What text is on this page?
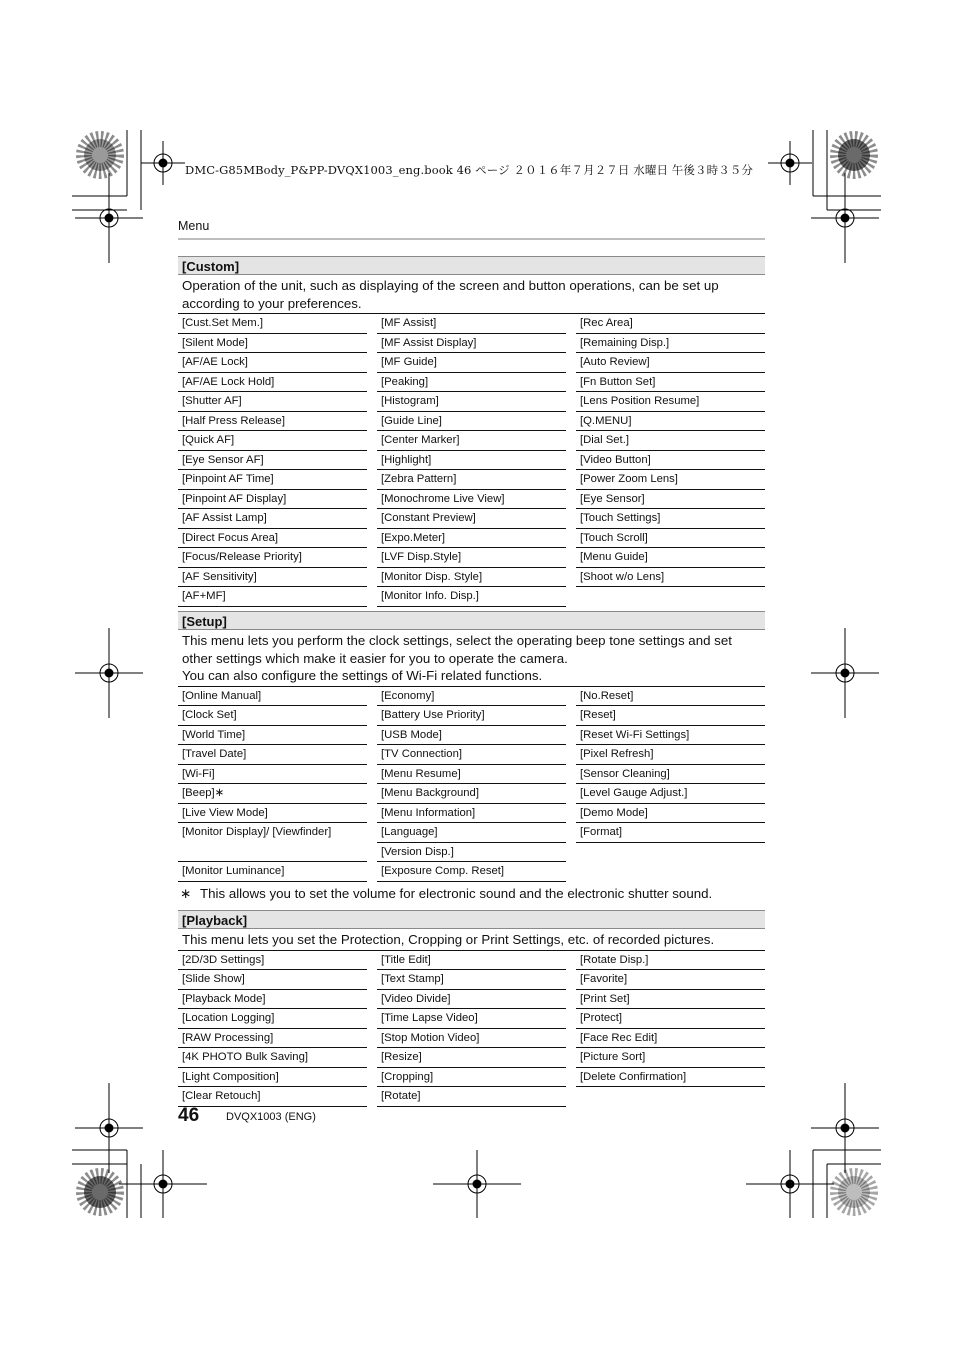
DMC-G85MBody_P&PP-DVQX1003_eng.book 46 ページ ２０１６年７月２７日 水曜日 午後３時３５分
Menu
[Custom]
Operation of the unit, such as displaying of the screen and button operations, can be set up according to your preferences.
[Cust.Set Mem.]
[Silent Mode]
[AF/AE Lock]
[AF/AE Lock Hold]
[Shutter AF]
[Half Press Release]
[Quick AF]
[Eye Sensor AF]
[Pinpoint AF Time]
[Pinpoint AF Display]
[AF Assist Lamp]
[Direct Focus Area]
[Focus/Release Priority]
[AF Sensitivity]
[AF+MF]
[MF Assist]
[MF Assist Display]
[MF Guide]
[Peaking]
[Histogram]
[Guide Line]
[Center Marker]
[Highlight]
[Zebra Pattern]
[Monochrome Live View]
[Constant Preview]
[Expo.Meter]
[LVF Disp.Style]
[Monitor Disp. Style]
[Monitor Info. Disp.]
[Rec Area]
[Remaining Disp.]
[Auto Review]
[Fn Button Set]
[Lens Position Resume]
[Q.MENU]
[Dial Set.]
[Video Button]
[Power Zoom Lens]
[Eye Sensor]
[Touch Settings]
[Touch Scroll]
[Menu Guide]
[Shoot w/o Lens]
[Setup]

This menu lets you perform the clock settings, select the operating beep tone settings and set other settings which make it easier for you to operate the camera.

You can also configure the settings of Wi-Fi related functions.

[Online Manual]
[Clock Set]
[World Time]
[Travel Date]
[Wi-Fi]
[Beep]∗
[Live View Mode]
[Monitor Display]/ [Viewfinder]
[Monitor Luminance]
[Economy]
[Battery Use Priority]
[USB Mode]
[TV Connection]
[Menu Resume]
[Menu Background]
[Menu Information]
[Language]
[Version Disp.]
[Exposure Comp. Reset]
[No.Reset]
[Reset]
[Reset Wi-Fi Settings]
[Pixel Refresh]
[Sensor Cleaning]
[Level Gauge Adjust.]
[Demo Mode]
[Format]
∗ This allows you to set the volume for electronic sound and the electronic shutter sound.
[Playback]
This menu lets you set the Protection, Cropping or Print Settings, etc. of recorded pictures.
[2D/3D Settings]
[Slide Show]
[Playback Mode]
[Location Logging]
[RAW Processing]
[4K PHOTO Bulk Saving]
[Light Composition]
[Clear Retouch]
[Title Edit]
[Text Stamp]
[Video Divide]
[Time Lapse Video]
[Stop Motion Video]
[Resize]
[Cropping]
[Rotate]
[Rotate Disp.]
[Favorite]
[Print Set]
[Protect]
[Face Rec Edit]
[Picture Sort]
[Delete Confirmation]
46 DVQX1003 (ENG)
